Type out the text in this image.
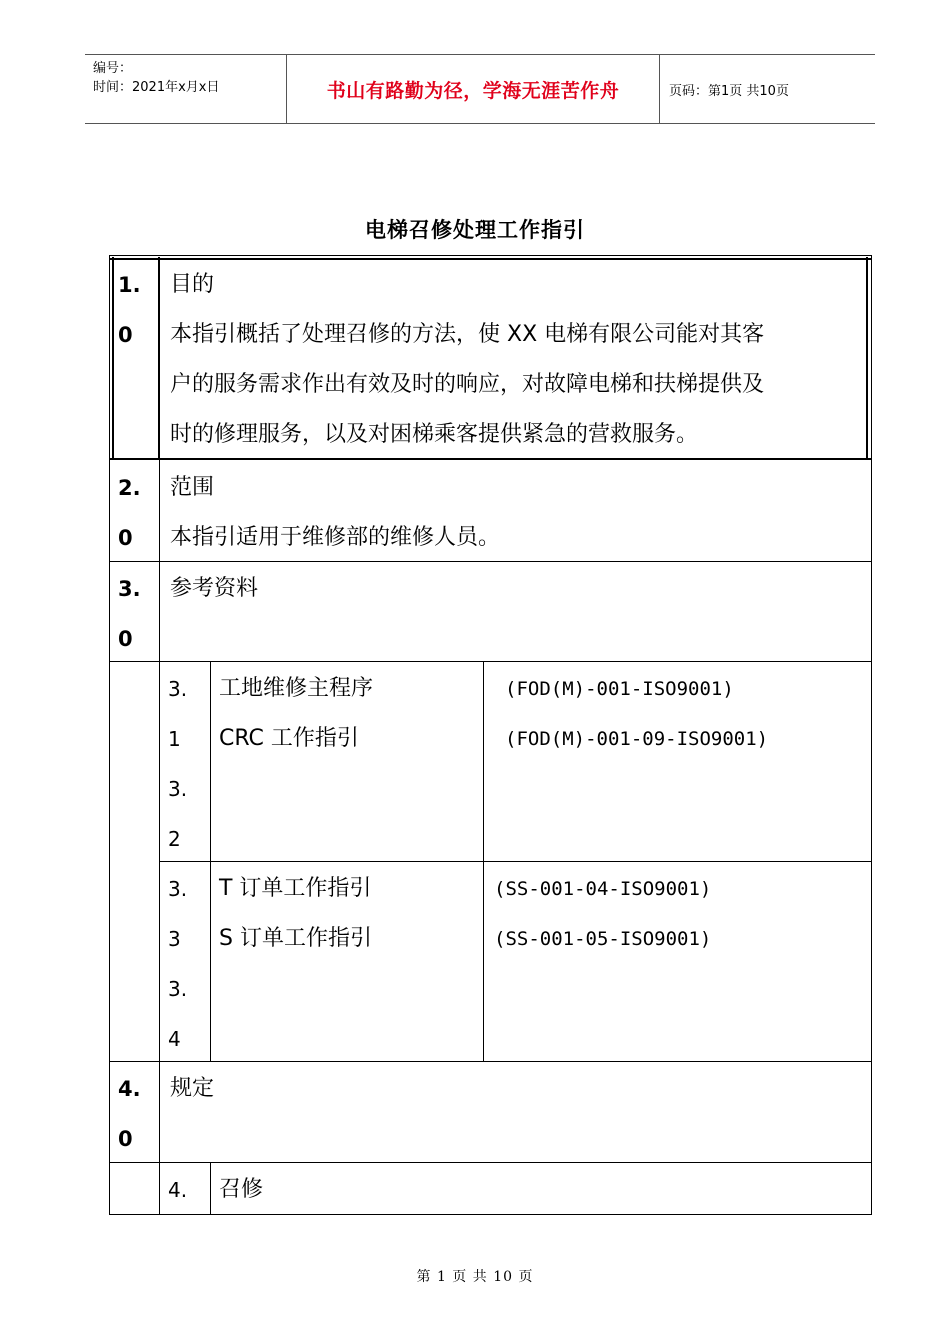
编号：
时间：2021年x月x日	书山有路勤为径，学海无涯苦作舟	页码：第1页 共10页
电梯召修处理工作指引
1.
0
目的
本指引概括了处理召修的方法，使 XX 电梯有限公司能对其客
户的服务需求作出有效及时的响应，对故障电梯和扶梯提供及
时的修理服务，以及对困梯乘客提供紧急的营救服务。
2.
0
范围
本指引适用于维修部的维修人员。
3.
0
参考资料
3.
1
3.
2
工地维修主程序
CRC 工作指引
(FOD(M)-001-ISO9001)
(FOD(M)-001-09-ISO9001)
3.
3
3.
4
T 订单工作指引
S 订单工作指引
(SS-001-04-ISO9001)
(SS-001-05-ISO9001)
4.
0
规定
4. 召修
第 1 页 共 10 页
